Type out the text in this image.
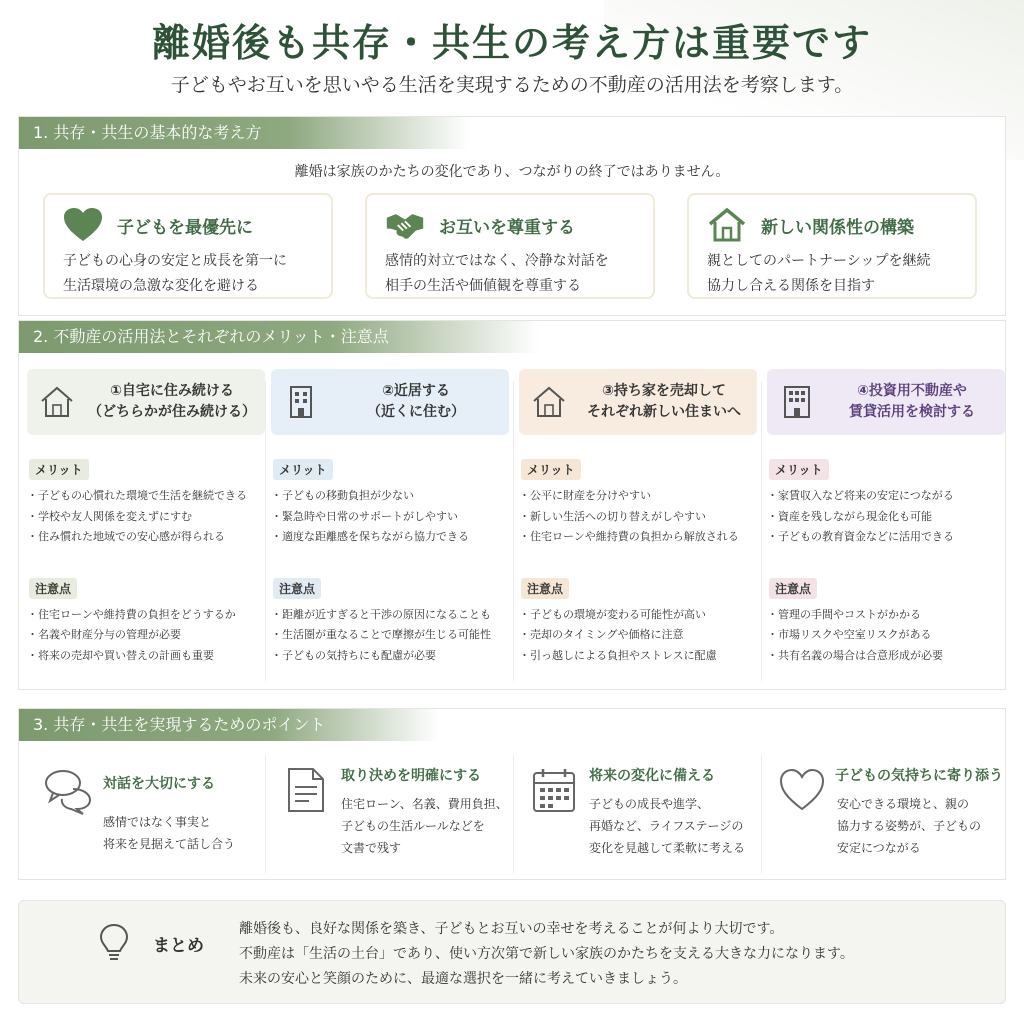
離婚後も共存・共生の考え方は重要です
子どもやお互いを思いやる生活を実現するための不動産の活用法を考察します。
1. 共存・共生の基本的な考え方
離婚は家族のかたちの変化であり、つながりの終了ではありません。
子どもを最優先に
子どもの心身の安定と成長を第一に
生活環境の急激な変化を避ける
お互いを尊重する
感情的対立ではなく、冷静な対話を
相手の生活や価値観を尊重する
新しい関係性の構築
親としてのパートナーシップを継続
協力し合える関係を目指す
2. 不動産の活用法とそれぞれのメリット・注意点
①自宅に住み続ける
（どちらかが住み続ける）
メリット
・子どもの心慣れた環境で生活を継続できる
・学校や友人関係を変えずにすむ
・住み慣れた地域での安心感が得られる
注意点
・住宅ローンや維持費の負担をどうするか
・名義や財産分与の管理が必要
・将来の売却や買い替えの計画も重要
②近居する
（近くに住む）
メリット
・子どもの移動負担が少ない
・緊急時や日常のサポートがしやすい
・適度な距離感を保ちながら協力できる
注意点
・距離が近すぎると干渉の原因になることも
・生活圏が重なることで摩擦が生じる可能性
・子どもの気持ちにも配慮が必要
③持ち家を売却して
それぞれ新しい住まいへ
メリット
・公平に財産を分けやすい
・新しい生活への切り替えがしやすい
・住宅ローンや維持費の負担から解放される
注意点
・子どもの環境が変わる可能性が高い
・売却のタイミングや価格に注意
・引っ越しによる負担やストレスに配慮
④投資用不動産や
賃貸活用を検討する
メリット
・家賃収入など将来の安定につながる
・資産を残しながら現金化も可能
・子どもの教育資金などに活用できる
注意点
・管理の手間やコストがかかる
・市場リスクや空室リスクがある
・共有名義の場合は合意形成が必要
3. 共存・共生を実現するためのポイント
対話を大切にする
感情ではなく事実と
将来を見据えて話し合う
取り決めを明確にする
住宅ローン、名義、費用負担、
子どもの生活ルールなどを
文書で残す
将来の変化に備える
子どもの成長や進学、
再婚など、ライフステージの
変化を見越して柔軟に考える
子どもの気持ちに寄り添う
安心できる環境と、親の
協力する姿勢が、子どもの
安定につながる
まとめ
離婚後も、良好な関係を築き、子どもとお互いの幸せを考えることが何より大切です。
不動産は「生活の土台」であり、使い方次第で新しい家族のかたちを支える大きな力になります。
未来の安心と笑顔のために、最適な選択を一緒に考えていきましょう。
